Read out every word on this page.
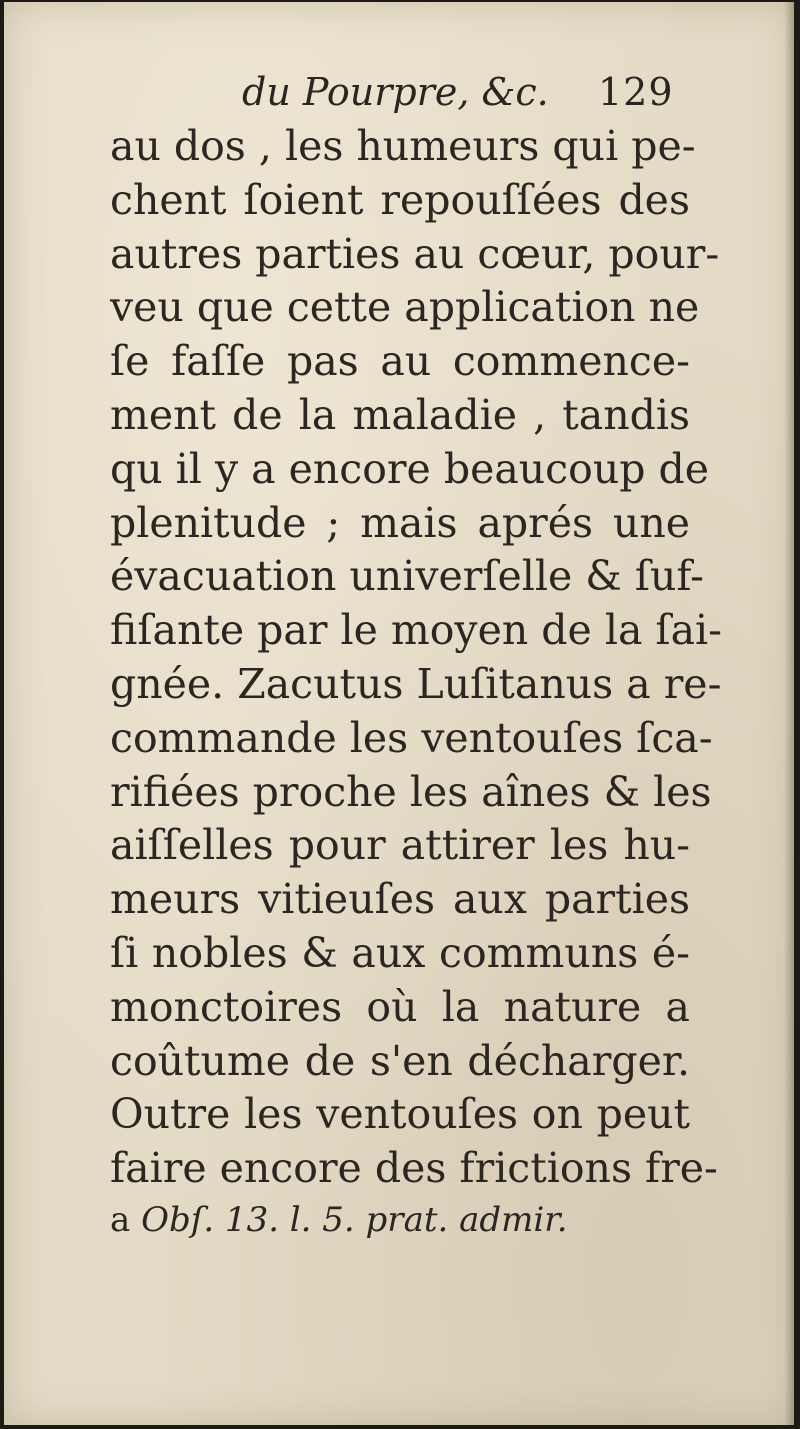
du Pourpre, &c. 129
au dos , les humeurs qui pe-
chent ſoient repouſſées des
autres parties au cœur, pour-
veu que cette application ne
ſe faſſe pas au commence-
ment de la maladie , tandis
qu il y a encore beaucoup de
plenitude ; mais aprés une
évacuation univerſelle & ſuf-
fiſante par le moyen de la ſai-
gnée. Zacutus Luſitanus a re-
commande les ventouſes ſca-
rifiées proche les aînes & les
aiſſelles pour attirer les hu-
meurs vitieuſes aux parties
ſi nobles & aux communs é-
monctoires où la nature a
coûtume de s'en décharger.
Outre les ventouſes on peut
faire encore des frictions fre-
a Obſ. 13. l. 5. prat. admir.
